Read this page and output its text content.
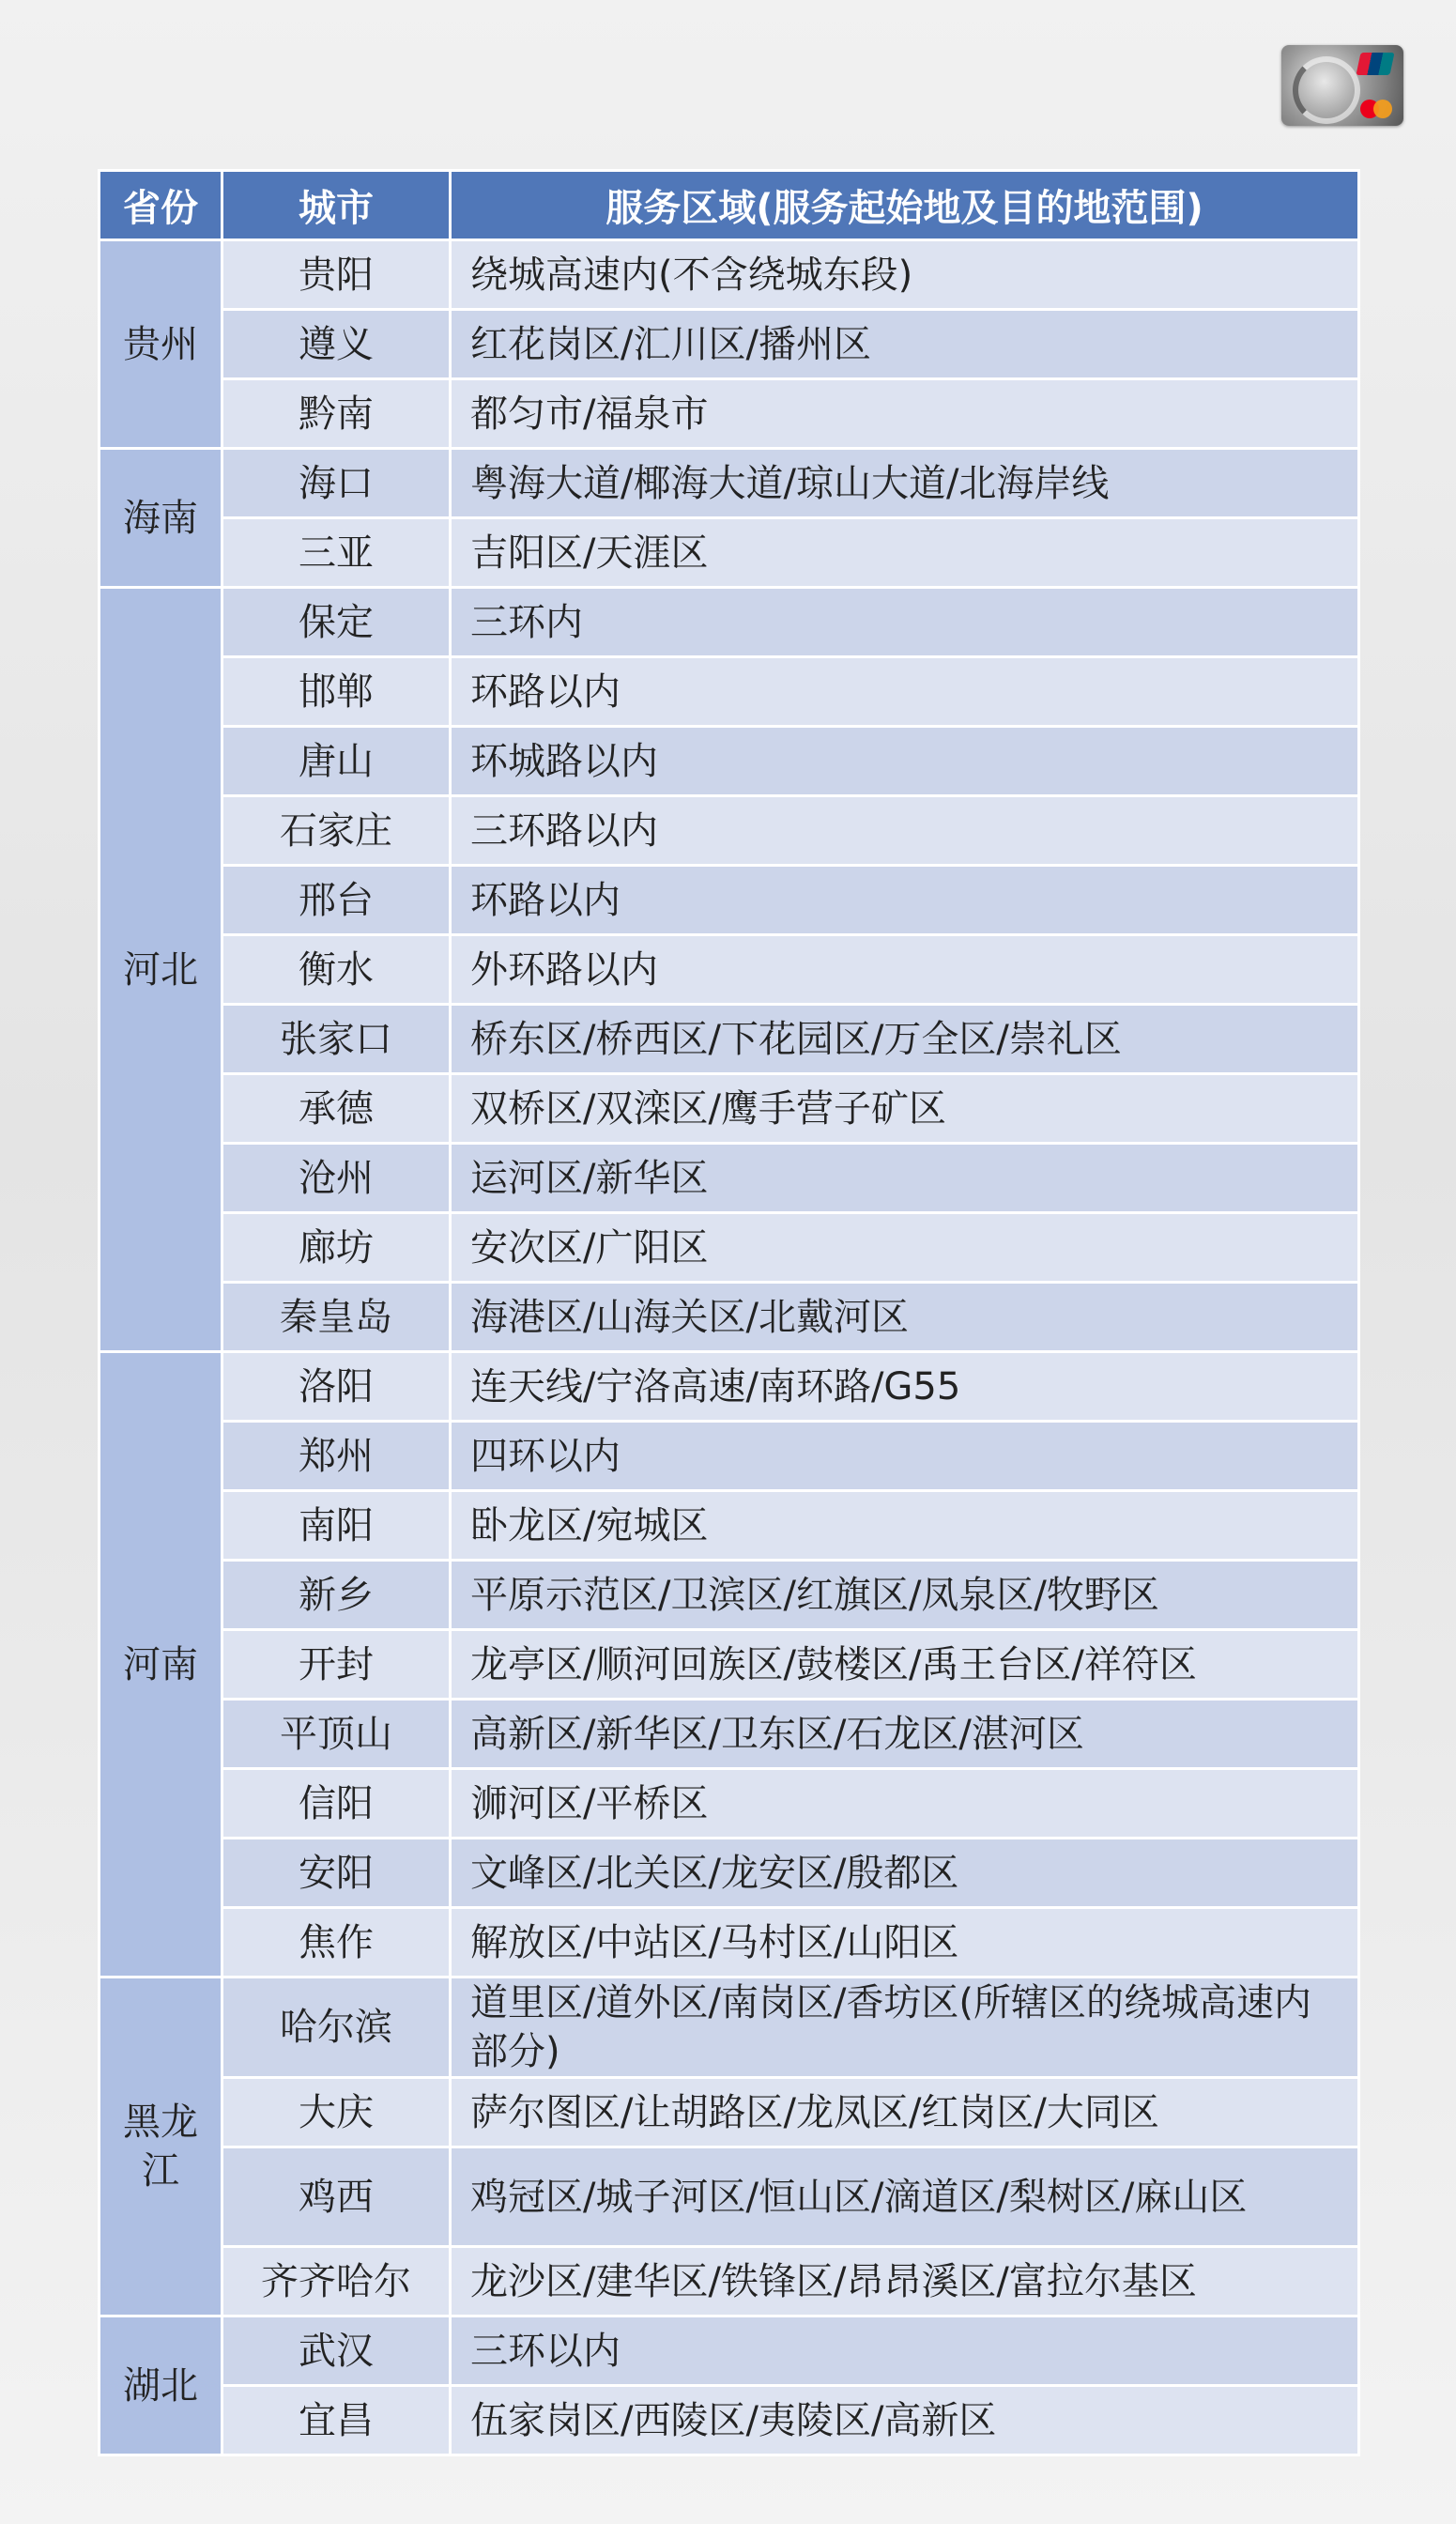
省份	城市	服务区域(服务起始地及目的地范围)
贵州	贵阳	绕城高速内(不含绕城东段)
	遵义	红花岗区/汇川区/播州区
	黔南	都匀市/福泉市
海南	海口	粤海大道/椰海大道/琼山大道/北海岸线
	三亚	吉阳区/天涯区
河北	保定	三环内
	邯郸	环路以内
	唐山	环城路以内
	石家庄	三环路以内
	邢台	环路以内
	衡水	外环路以内
	张家口	桥东区/桥西区/下花园区/万全区/崇礼区
	承德	双桥区/双滦区/鹰手营子矿区
	沧州	运河区/新华区
	廊坊	安次区/广阳区
	秦皇岛	海港区/山海关区/北戴河区
河南	洛阳	连天线/宁洛高速/南环路/G55
	郑州	四环以内
	南阳	卧龙区/宛城区
	新乡	平原示范区/卫滨区/红旗区/凤泉区/牧野区
	开封	龙亭区/顺河回族区/鼓楼区/禹王台区/祥符区
	平顶山	高新区/新华区/卫东区/石龙区/湛河区
	信阳	浉河区/平桥区
	安阳	文峰区/北关区/龙安区/殷都区
	焦作	解放区/中站区/马村区/山阳区
黑龙江	哈尔滨	道里区/道外区/南岗区/香坊区(所辖区的绕城高速内部分)
	大庆	萨尔图区/让胡路区/龙凤区/红岗区/大同区
	鸡西	鸡冠区/城子河区/恒山区/滴道区/梨树区/麻山区
	齐齐哈尔	龙沙区/建华区/铁锋区/昂昂溪区/富拉尔基区
湖北	武汉	三环以内
	宜昌	伍家岗区/西陵区/夷陵区/高新区
